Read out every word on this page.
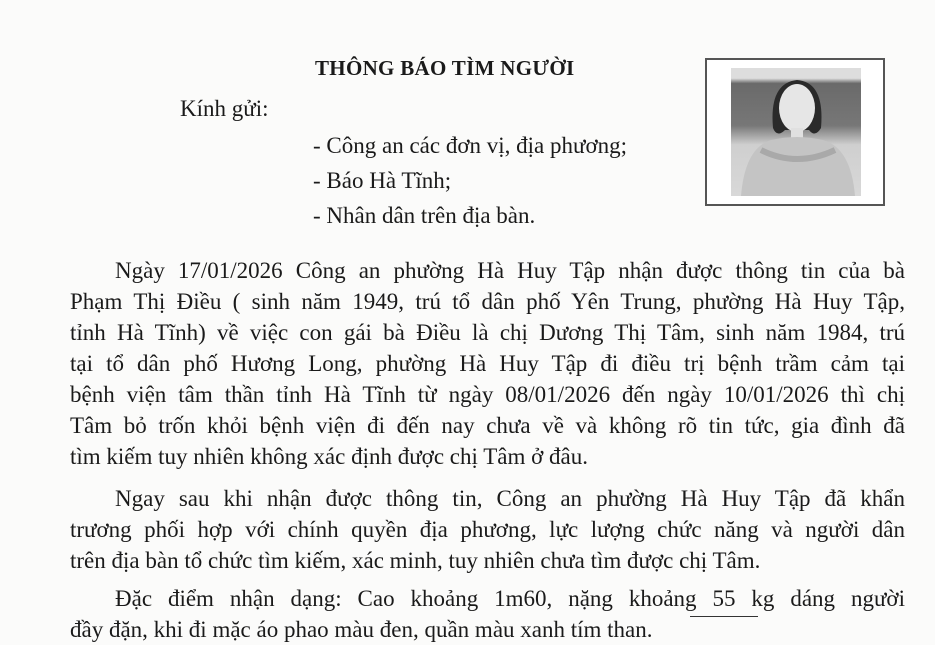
THÔNG BÁO TÌM NGƯỜI
Kính gửi:
- Công an các đơn vị, địa phương;
- Báo Hà Tĩnh;
- Nhân dân trên địa bàn.
Ngày 17/01/2026 Công an phường Hà Huy Tập nhận được thông tin của bà
Phạm Thị Điều ( sinh năm 1949, trú tổ dân phố Yên Trung, phường Hà Huy Tập,
tỉnh Hà Tĩnh) về việc con gái bà Điều là chị Dương Thị Tâm, sinh năm 1984, trú
tại tổ dân phố Hương Long, phường Hà Huy Tập đi điều trị bệnh trầm cảm tại
bệnh viện tâm thần tỉnh Hà Tĩnh từ ngày 08/01/2026 đến ngày 10/01/2026 thì chị
Tâm bỏ trốn khỏi bệnh viện đi đến nay chưa về và không rõ tin tức, gia đình đã
tìm kiếm tuy nhiên không xác định được chị Tâm ở đâu.
Ngay sau khi nhận được thông tin, Công an phường Hà Huy Tập đã khẩn
trương phối hợp với chính quyền địa phương, lực lượng chức năng và người dân
trên địa bàn tổ chức tìm kiếm, xác minh, tuy nhiên chưa tìm được chị Tâm.
Đặc điểm nhận dạng: Cao khoảng 1m60, nặng khoảng 55 kg dáng người
đầy đặn, khi đi mặc áo phao màu đen, quần màu xanh tím than.
